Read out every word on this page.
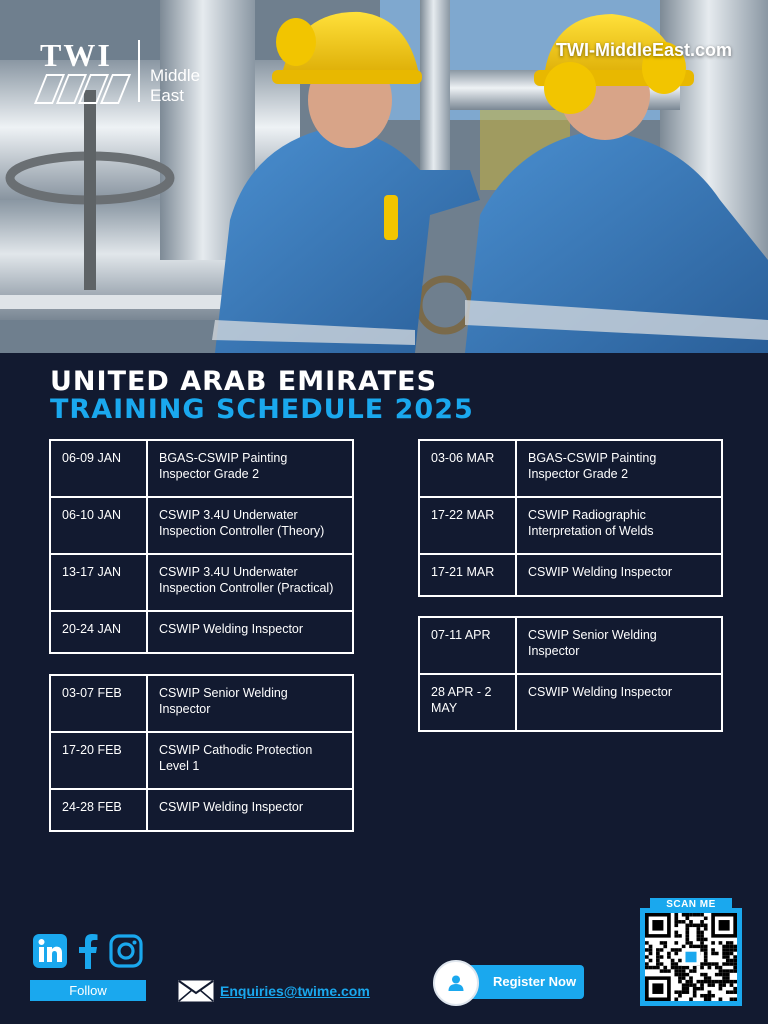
TWI
Middle
East
TWI-MiddleEast.com
UNITED ARAB EMIRATES
TRAINING SCHEDULE 2025
06-09 JAN	BGAS-CSWIP Painting Inspector Grade 2
06-10 JAN	CSWIP 3.4U Underwater Inspection Controller (Theory)
13-17 JAN	CSWIP 3.4U Underwater Inspection Controller (Practical)
20-24 JAN	CSWIP Welding Inspector
03-07 FEB	CSWIP Senior Welding Inspector
17-20 FEB	CSWIP Cathodic Protection Level 1
24-28 FEB	CSWIP Welding Inspector
03-06 MAR	BGAS-CSWIP Painting Inspector Grade 2
17-22 MAR	CSWIP Radiographic Interpretation of Welds
17-21 MAR	CSWIP Welding Inspector
07-11 APR	CSWIP Senior Welding Inspector
28 APR - 2 MAY	CSWIP Welding Inspector
Follow	Enquiries@twime.com
Register Now
SCAN ME
